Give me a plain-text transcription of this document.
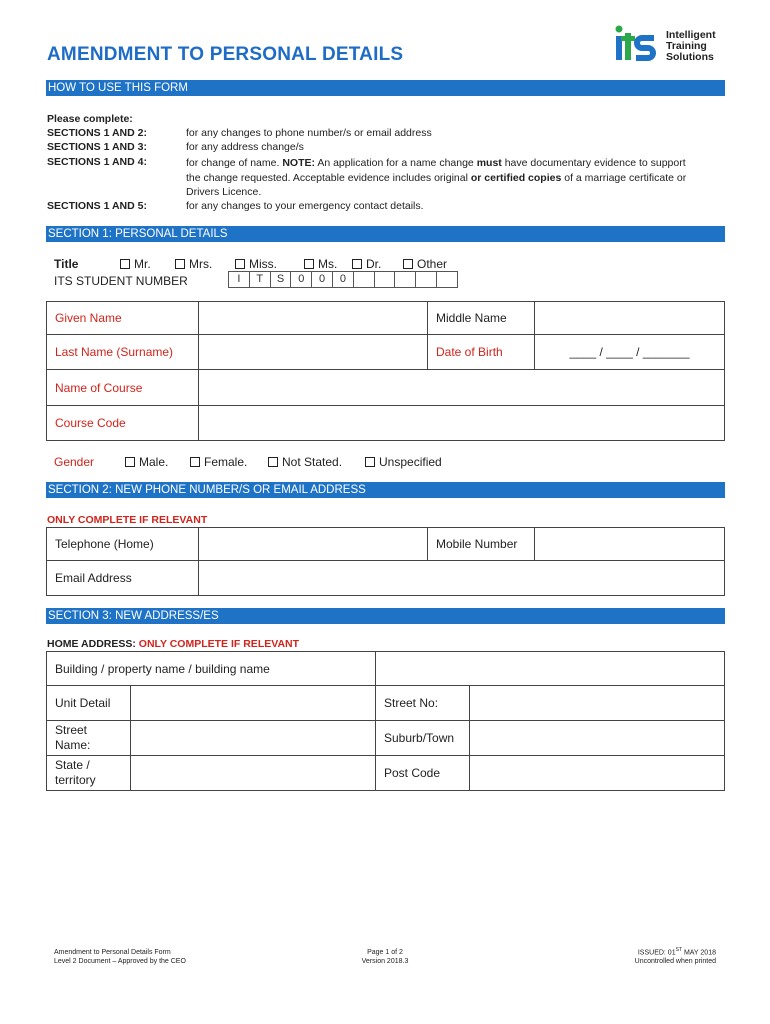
AMENDMENT TO PERSONAL DETAILS
Intelligent
Training
Solutions
HOW TO USE THIS FORM
Please complete:
SECTIONS 1 AND 2:	for any changes to phone number/s or email address
SECTIONS 1 AND 3:	for any address change/s
SECTIONS 1 AND 4:	for change of name. NOTE: An application for a name change must have documentary evidence to support
the change requested. Acceptable evidence includes original or certified copies of a marriage certificate or
Drivers Licence.
SECTIONS 1 AND 5:	for any changes to your emergency contact details.
SECTION 1: PERSONAL DETAILS
Title	Mr.	Mrs.	Miss.	Ms.	Dr.	Other
ITS STUDENT NUMBER	I	T	S	0	0	0
Given Name		Middle Name	
Last Name (Surname)		Date of Birth	____ / ____ / _______
Name of Course			
Course Code			
Gender	Male.	Female.	Not Stated.	Unspecified
SECTION 2: NEW PHONE NUMBER/S OR EMAIL ADDRESS
ONLY COMPLETE IF RELEVANT
Telephone (Home)		Mobile Number	
Email Address			
SECTION 3: NEW ADDRESS/ES
HOME ADDRESS: ONLY COMPLETE IF RELEVANT
Building / property name / building name			
Unit Detail		Street No:	
Street
Name:		Suburb/Town	
State /
territory		Post Code	
Amendment to Personal Details Form
Level 2 Document – Approved by the CEO
Page 1 of 2
Version 2018.3
ISSUED: 01ST MAY 2018
Uncontrolled when printed
